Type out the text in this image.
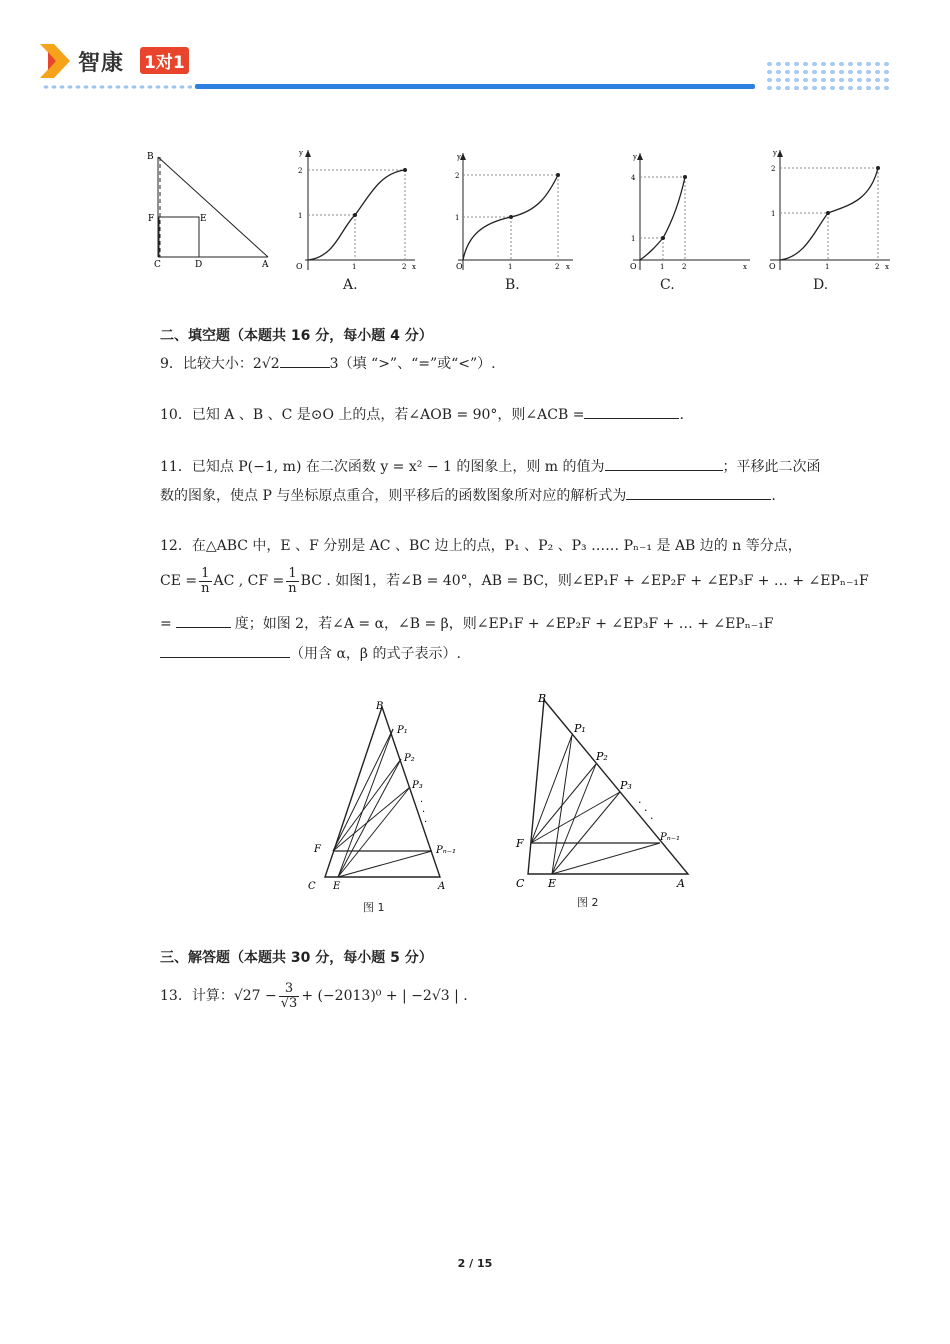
智康 1对1
B
F	E
C	D	A	O
y
x
1	2
1
2
A.
O
y
x
1	2
1
2
B.
O
y
x
1	2
1
4
C.
O
y
x
1	2
1
2
D.
二、填空题（本题共 16 分，每小题 4 分）
9．比较大小：2√2	3（填 “>”、“=”或“<”）.
10．已知 A 、B 、C 是⊙O 上的点，若∠AOB = 90°，则∠ACB =	.
11．已知点 P(−1, m) 在二次函数 y = x² − 1 的图象上，则 m 的值为	；平移此二次函
数的图象，使点 P 与坐标原点重合，则平移后的函数图象所对应的解析式为	.
12．在△ABC 中，E 、F 分别是 AC 、BC 边上的点，P₁ 、P₂ 、P₃ …… Pₙ₋₁ 是 AB 边的 n 等分点，
CE = $\frac{1}{n}$ AC , CF = $\frac{1}{n}$ BC . 如图1，若∠B = 40°，AB = BC，则∠EP₁F + ∠EP₂F + ∠EP₃F + … + ∠EPₙ₋₁F
=	度；如图 2，若∠A = α，∠B = β，则∠EP₁F + ∠EP₂F + ∠EP₃F + … + ∠EPₙ₋₁F
（用含 α，β 的式子表示）.
B
P₁
P₂
P₃
·
·
·
Pₙ₋₁
F
C E	A
图 1
B
P₁
P₂
P₃
·
·
·
Pₙ₋₁
F
C E	A
图 2
三、解答题（本题共 30 分，每小题 5 分）
13．计算：$√27 - \frac{3}{√3} + (-2013)^0$ + | −2√3 | .
2 / 15
